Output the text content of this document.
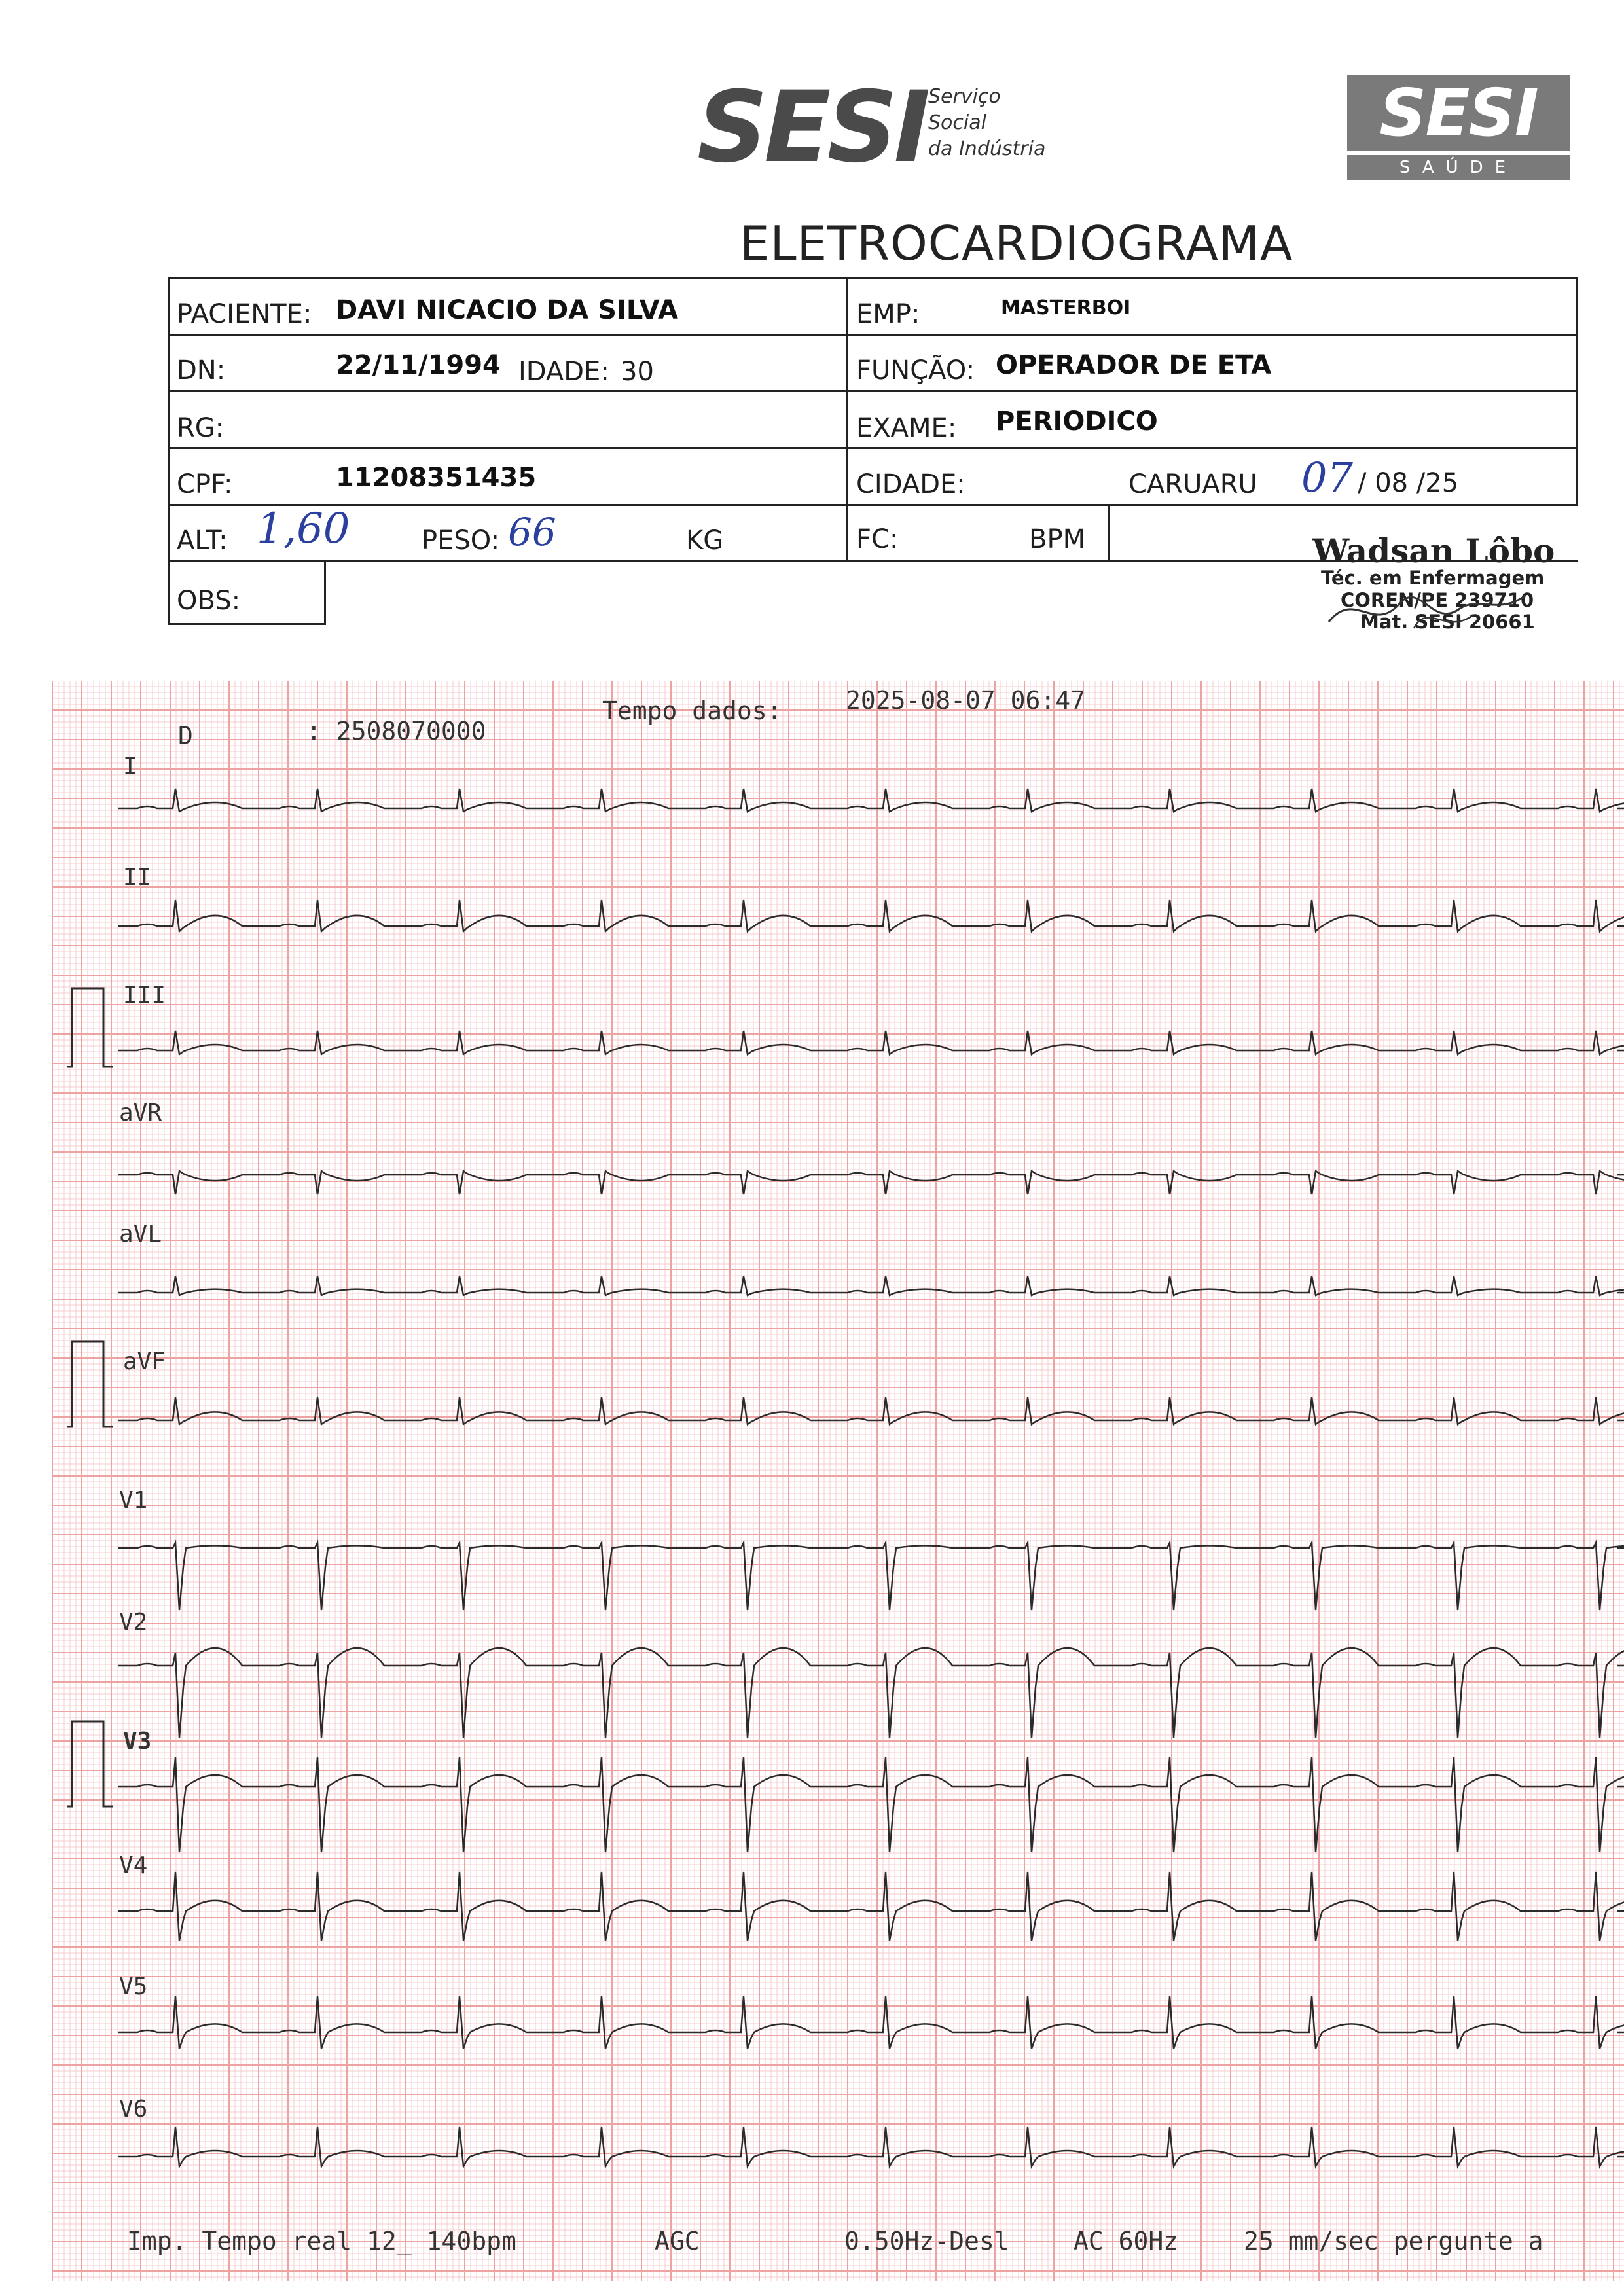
SESI Serviço
Social
da Indústria	SESI
SAÚDE
ELETROCARDIOGRAMA
PACIENTE: DAVI NICACIO DA SILVA	EMP:	MASTERBOI
DN:	22/11/1994 IDADE: 30	FUNÇÃO: OPERADOR DE ETA
RG:	EXAME: PERIODICO
CPF:	11208351435	CIDADE:	CARUARU 07 / 08 /25
ALT: 1,60	PESO: 66	KG	FC:	BPM
OBS:
Wadsan Lôbo
Téc. em Enfermagem
COREN/PE 239710
Mat. SESI 20661
D	: 2508070000
Tempo dados:	2025-08-07 06:47
I
II
III
aVR
aVL
aVF
V1
V2
V3
V4
V5
V6
Imp. Tempo real 12_ 140bpm	AGC	0.50Hz-Desl	AC 60Hz	25 mm/sec pergunte a
